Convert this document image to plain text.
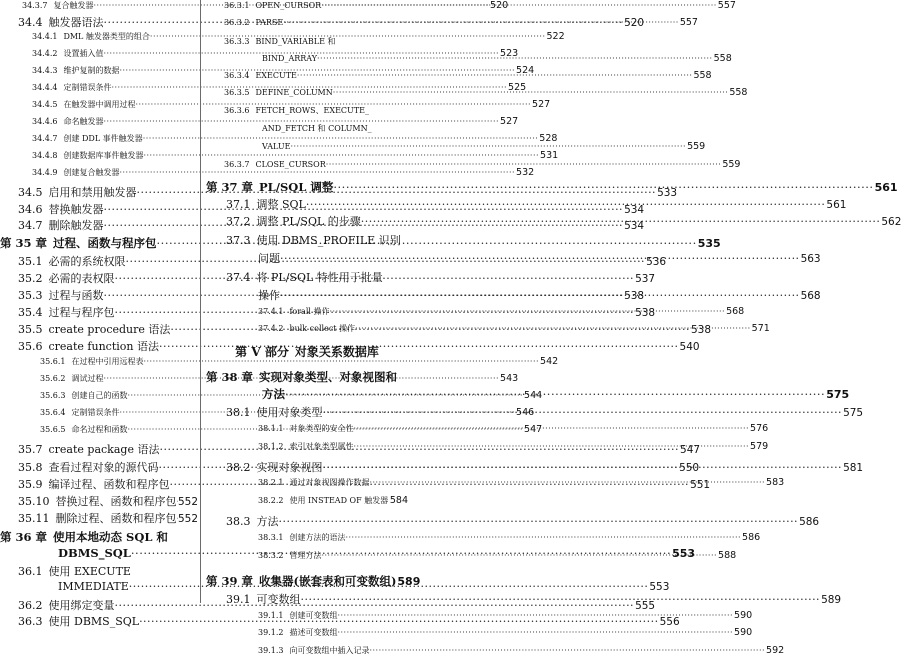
34.3.7 复合触发器 ·····	520
34.4 触发器语法 ·····	520
34.4.1 DML 触发器类型的组合 ·····	522
34.4.2 设置插入值 ·····	523
34.4.3 维护复制的数据 ·····	524
34.4.4 定制错误条件 ·····	525
34.4.5 在触发器中调用过程 ·····	527
34.4.6 命名触发器 ·····	527
34.4.7 创建 DDL 事件触发器 ·····	528
34.4.8 创建数据库事件触发器 ·····	531
34.4.9 创建复合触发器 ·····	532
34.5 启用和禁用触发器 ·····	533
34.6 替换触发器 ·····	534
34.7 删除触发器 ·····	534
第 35 章 过程、函数与程序包 ·····	535
35.1 必需的系统权限 ·····	536
35.2 必需的表权限 ·····	537
35.3 过程与函数 ·····	538
35.4 过程与程序包 ·····	538
35.5 create procedure 语法 ·····	538
35.6 create function 语法 ·····	540
35.6.1 在过程中引用远程表 ·····	542
35.6.2 调试过程 ·····	543
35.6.3 创建自己的函数 ·····	544
35.6.4 定制错误条件 ·····	546
35.6.5 命名过程和函数 ·····	547
35.7 create package 语法 ·····	547
35.8 查看过程对象的源代码 ·····	550
35.9 编译过程、函数和程序包 ·····	551
35.10 替换过程、函数和程序包 ····· 552
35.11 删除过程、函数和程序包 ····· 552
第 36 章 使用本地动态 SQL 和
DBMS_SQL ·····	553
36.1 使用 EXECUTE
IMMEDIATE ·····	553
36.2 使用绑定变量 ·····	555
36.3 使用 DBMS_SQL ·····	556
36.3.1 OPEN_CURSOR ·····	557
36.3.2 PARSE ·····	557
36.3.3 BIND_VARIABLE 和
BIND_ARRAY ·····	558
36.3.4 EXECUTE ·····	558
36.3.5 DEFINE_COLUMN ·····	558
36.3.6 FETCH_ROWS、EXECUTE_
AND_FETCH 和 COLUMN_
VALUE ·····	559
36.3.7 CLOSE_CURSOR ·····	559
第 37 章 PL/SQL 调整 ·····	561
37.1 调整 SQL ·····	561
37.2 调整 PL/SQL 的步骤 ·····	562
37.3 使用 DBMS_PROFILE 识别
问题 ·····	563
37.4 将 PL/SQL 特性用于批量
操作 ·····	568
37.4.1 forall 操作 ·····	568
37.4.2 bulk collect 操作 ·····	571
第 V 部分 对象关系数据库
第 38 章 实现对象类型、对象视图和
方法 ·····	575
38.1 使用对象类型 ·····	575
38.1.1 对象类型的安全性 ·····	576
38.1.2 索引对象类型属性 ·····	579
38.2 实现对象视图 ·····	581
38.2.1 通过对象视图操作数据 ·····	583
38.2.2 使用 INSTEAD OF 触发器 ····· 584
38.3 方法 ·····	586
38.3.1 创建方法的语法 ·····	586
38.3.2 管理方法 ·····	588
第 39 章 收集器(嵌套表和可变数组) 589
39.1 可变数组 ·····	589
39.1.1 创建可变数组 ·····	590
39.1.2 描述可变数组 ·····	590
39.1.3 向可变数组中插入记录 ·····	592
